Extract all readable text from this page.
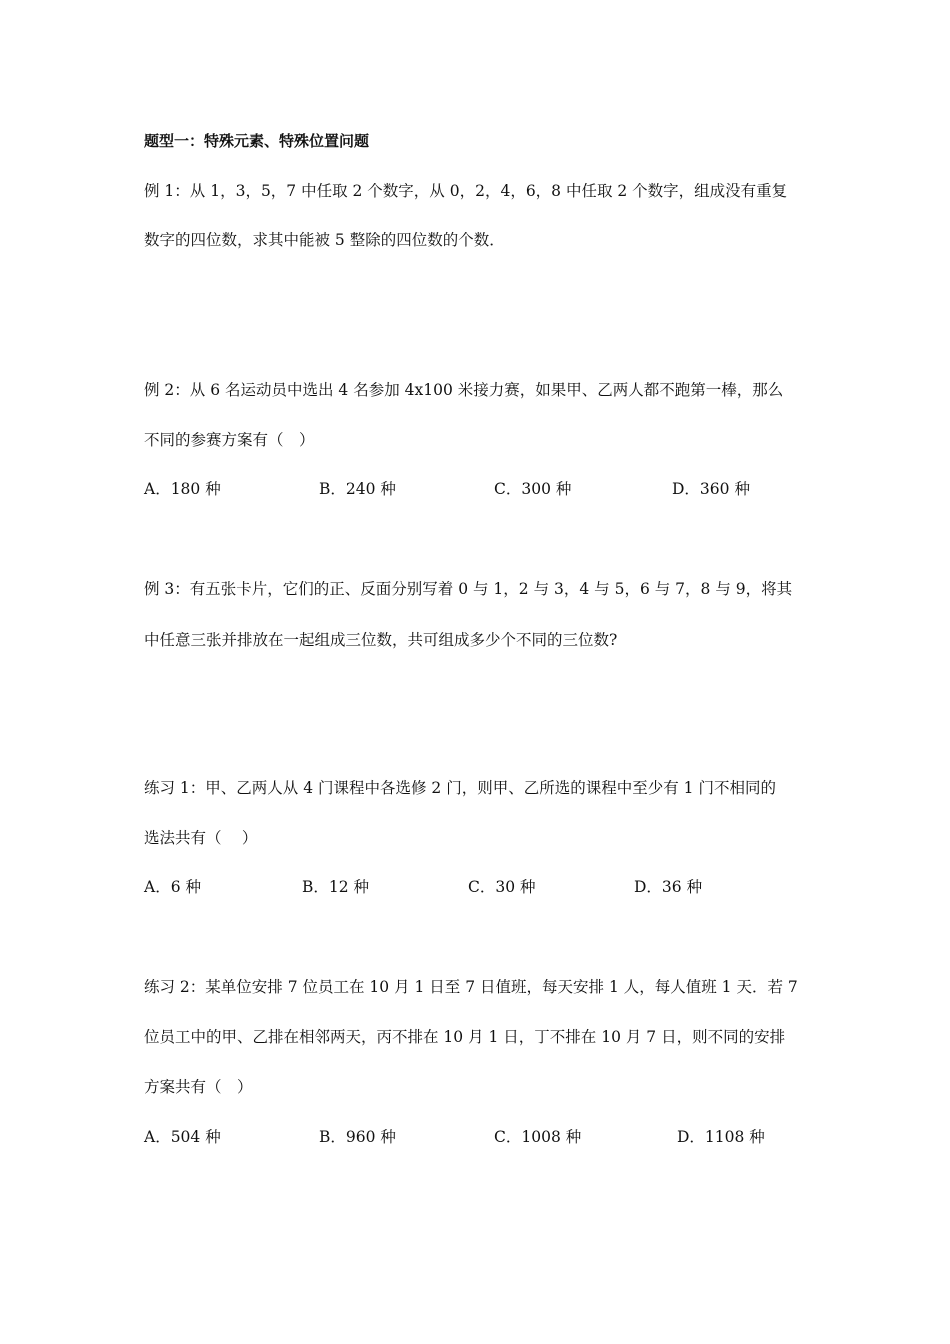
题型一：特殊元素、特殊位置问题
例 1：从 1，3，5，7 中任取 2 个数字，从 0，2，4，6，8 中任取 2 个数字，组成没有重复
数字的四位数，求其中能被 5 整除的四位数的个数．
例 2：从 6 名运动员中选出 4 名参加 4x100 米接力赛，如果甲、乙两人都不跑第一棒，那么
不同的参赛方案有（　）
A．180 种	B．240 种	C．300 种	D．360 种
例 3：有五张卡片，它们的正、反面分别写着 0 与 1，2 与 3，4 与 5，6 与 7，8 与 9，将其
中任意三张并排放在一起组成三位数，共可组成多少个不同的三位数?
练习 1：甲、乙两人从 4 门课程中各选修 2 门，则甲、乙所选的课程中至少有 1 门不相同的
选法共有（　 ）
A．6 种	B．12 种	C．30 种	D．36 种
练习 2：某单位安排 7 位员工在 10 月 1 日至 7 日值班，每天安排 1 人，每人值班 1 天．若 7
位员工中的甲、乙排在相邻两天，丙不排在 10 月 1 日，丁不排在 10 月 7 日，则不同的安排
方案共有（　）
A．504 种	B．960 种	C．1008 种	D．1108 种
